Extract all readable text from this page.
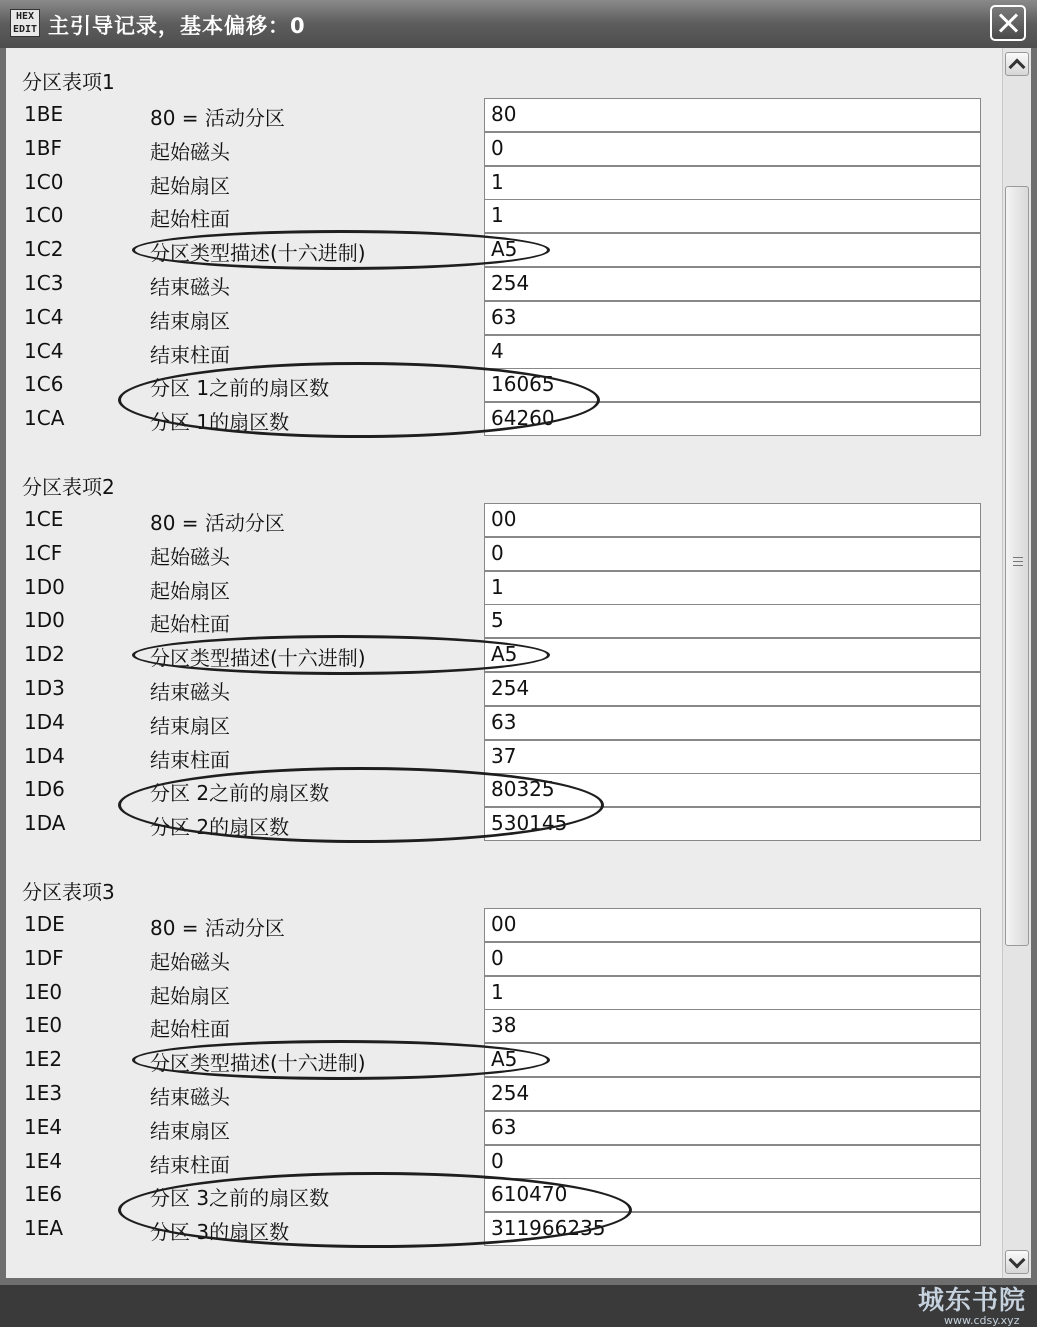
HEX
EDIT 主引导记录，基本偏移：0
分区表项1
1BE	80 = 活动分区	80
1BF	起始磁头	0
1C0	起始扇区	1
1C0	起始柱面	1
1C2	分区类型描述(十六进制)	A5
1C3	结束磁头	254
1C4	结束扇区	63
1C4	结束柱面	4
1C6	分区 1之前的扇区数	16065
1CA	分区 1的扇区数	64260
分区表项2
1CE	80 = 活动分区	00
1CF	起始磁头	0
1D0	起始扇区	1
1D0	起始柱面	5
1D2	分区类型描述(十六进制)	A5
1D3	结束磁头	254
1D4	结束扇区	63
1D4	结束柱面	37
1D6	分区 2之前的扇区数	80325
1DA	分区 2的扇区数	530145
分区表项3
1DE	80 = 活动分区	00
1DF	起始磁头	0
1E0	起始扇区	1
1E0	起始柱面	38
1E2	分区类型描述(十六进制)	A5
1E3	结束磁头	254
1E4	结束扇区	63
1E4	结束柱面	0
1E6	分区 3之前的扇区数	610470
1EA	分区 3的扇区数	311966235
城东书院
www.cdsy.xyz
